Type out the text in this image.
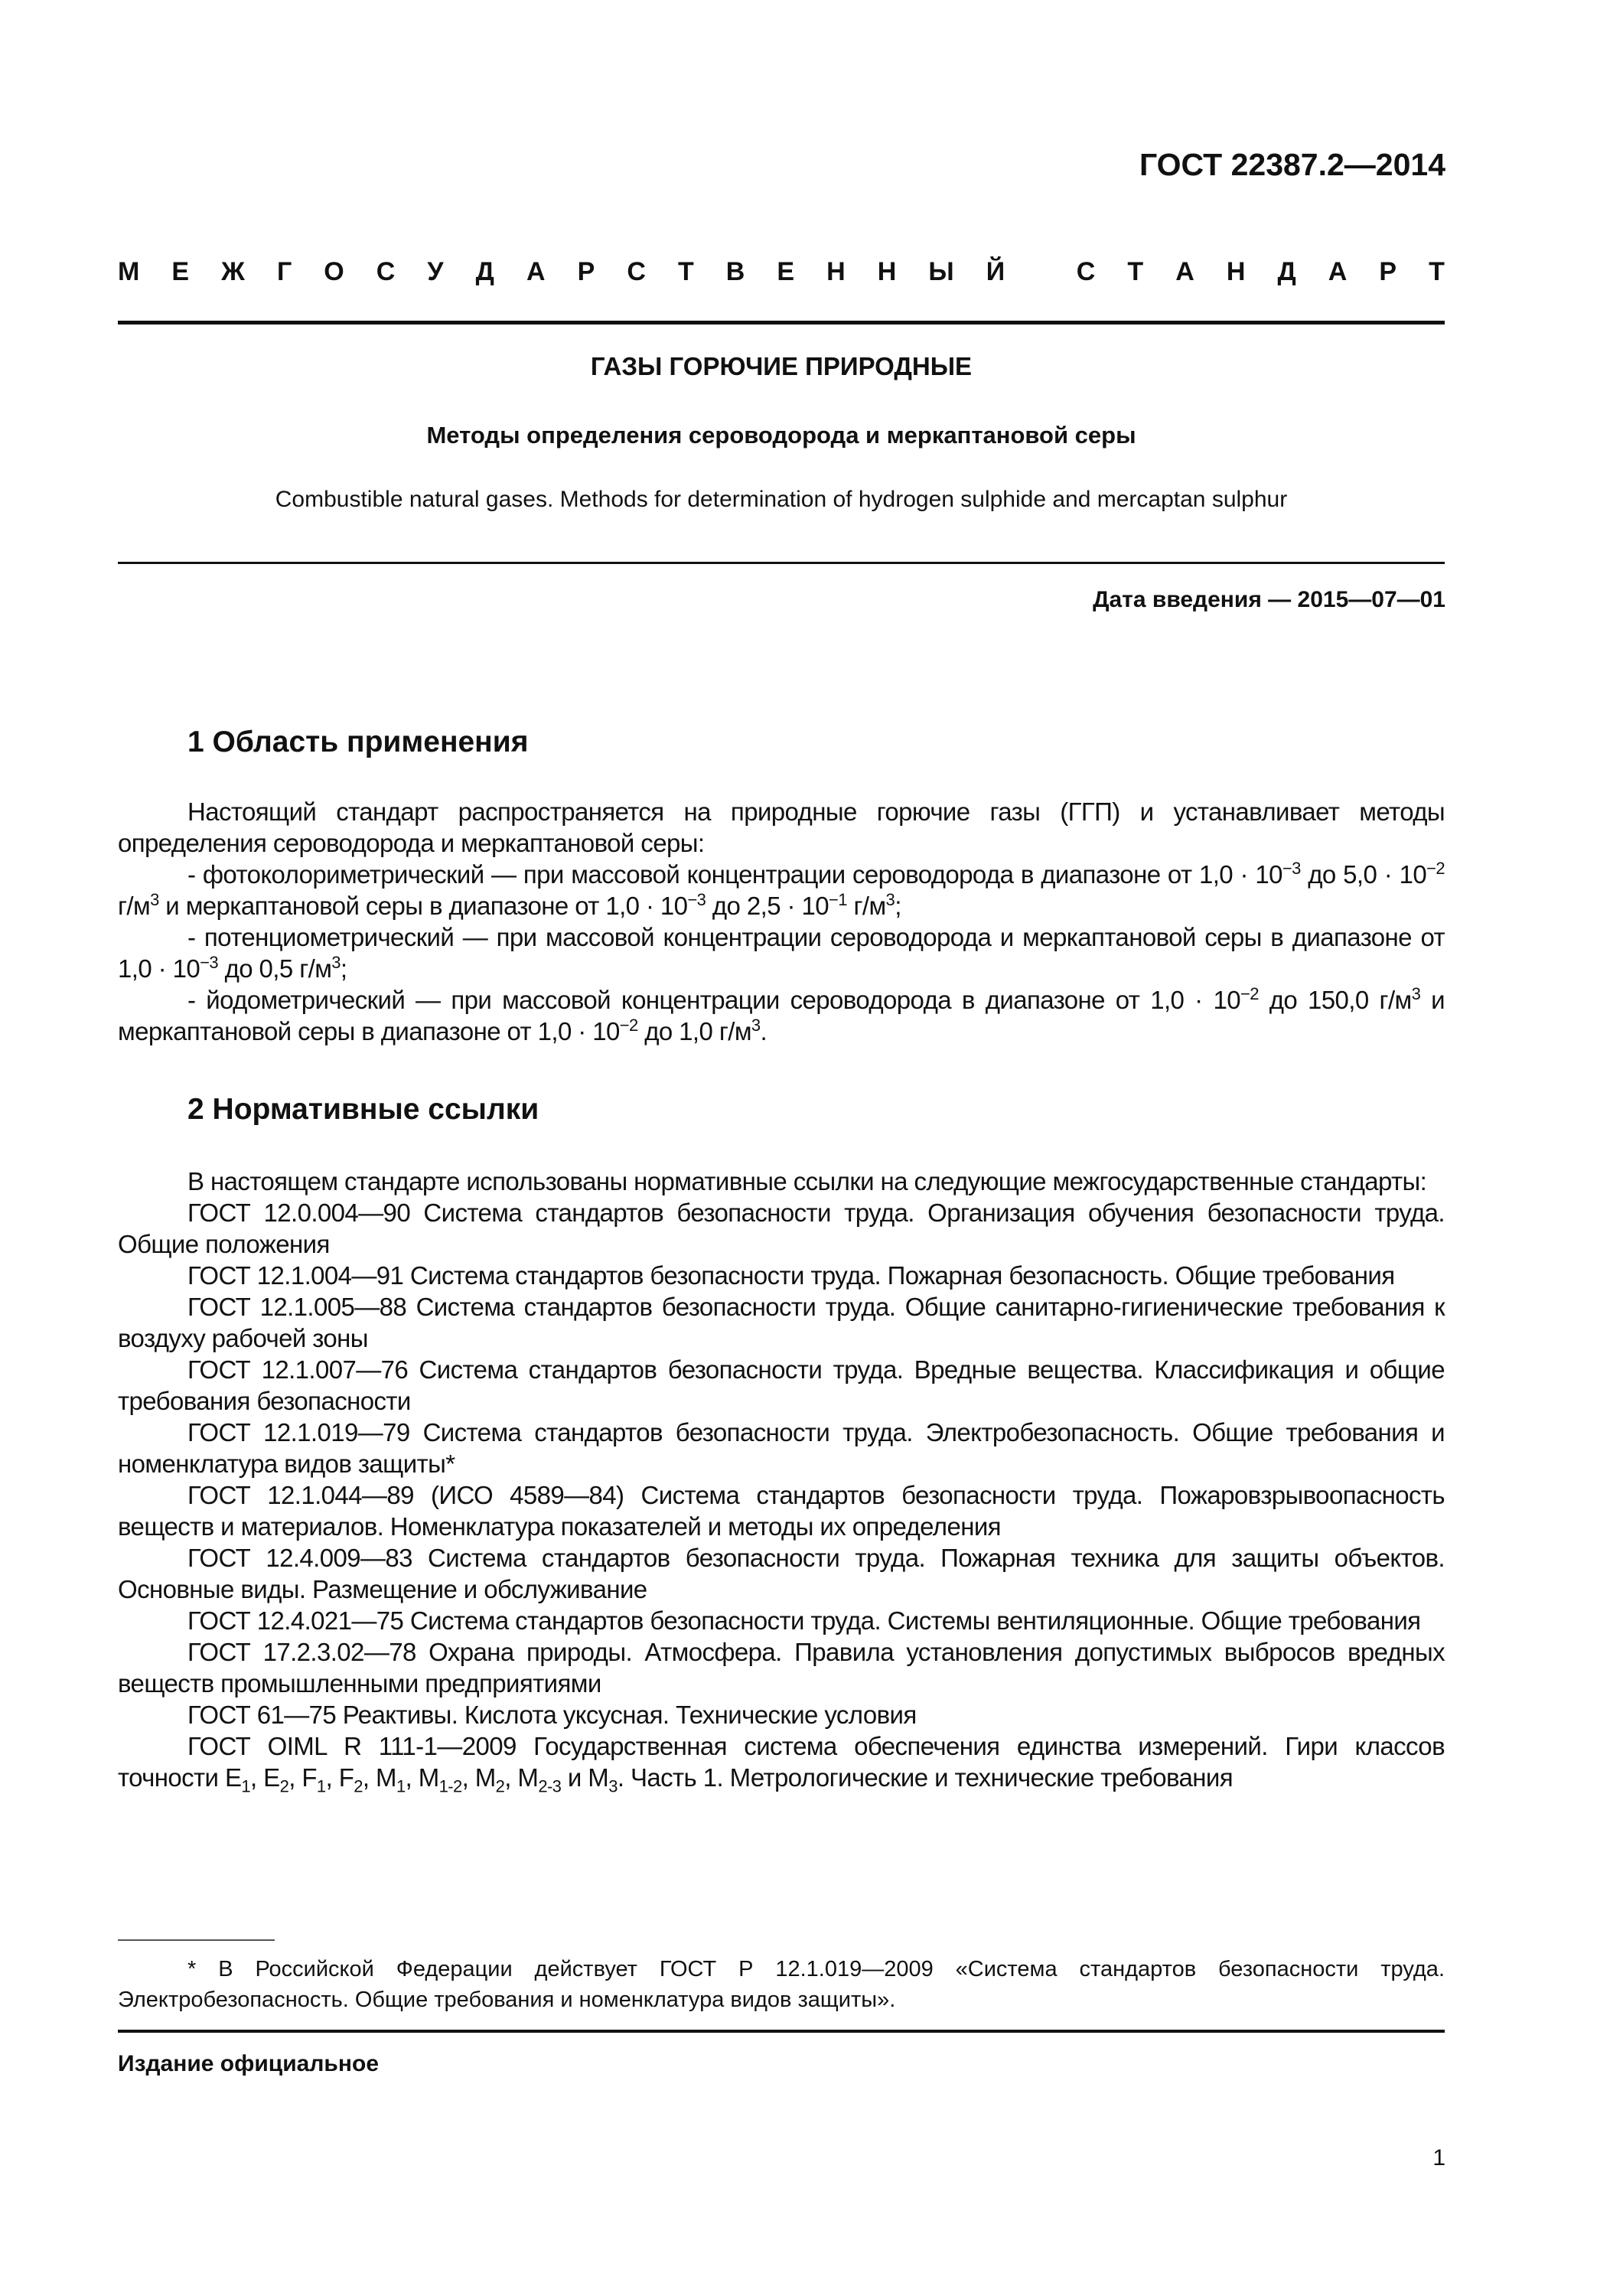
ГОСТ 22387.2—2014
М Е Ж Г О С У Д А Р С Т В Е Н Н Ы Й
	С Т А Н Д А Р Т
ГАЗЫ ГОРЮЧИЕ ПРИРОДНЫЕ
Методы определения сероводорода и меркаптановой серы
Combustible natural gases. Methods for determination of hydrogen sulphide and mercaptan sulphur
Дата введения — 2015—07—01
1 Область применения

Настоящий стандарт распространяется на природные горючие газы (ГГП) и устанавливает методы определения сероводорода и меркаптановой серы:

- фотоколориметрический — при массовой концентрации сероводорода в диапазоне от $1,0 \cdot 10^{-3}$ до $5,0 \cdot 10^{-2}$ $г/м^3$ и меркаптановой серы в диапазоне от $1,0 \cdot 10^{-3}$ до $2,5 \cdot 10^{-1}$ $г/м^3$;

- потенциометрический — при массовой концентрации сероводорода и меркаптановой серы в диапазоне от $1,0 \cdot 10^{-3}$ до 0,5 $г/м^3$;

- йодометрический — при массовой концентрации сероводорода в диапазоне от $1,0 \cdot 10^{-2}$ до 150,0 $г/м^3$ и меркаптановой серы в диапазоне от $1,0 \cdot 10^{-2}$ до 1,0 $г/м^3$.

2 Нормативные ссылки

В настоящем стандарте использованы нормативные ссылки на следующие межгосударственные стандарты:

ГОСТ 12.0.004—90 Система стандартов безопасности труда. Организация обучения безопасности труда. Общие положения

ГОСТ 12.1.004—91 Система стандартов безопасности труда. Пожарная безопасность. Общие требования

ГОСТ 12.1.005—88 Система стандартов безопасности труда. Общие санитарно-гигиенические требования к воздуху рабочей зоны

ГОСТ 12.1.007—76 Система стандартов безопасности труда. Вредные вещества. Классификация и общие требования безопасности

ГОСТ 12.1.019—79 Система стандартов безопасности труда. Электробезопасность. Общие требования и номенклатура видов защиты*

ГОСТ 12.1.044—89 (ИСО 4589—84) Система стандартов безопасности труда. Пожаровзрывоопасность веществ и материалов. Номенклатура показателей и методы их определения

ГОСТ 12.4.009—83 Система стандартов безопасности труда. Пожарная техника для защиты объектов. Основные виды. Размещение и обслуживание

ГОСТ 12.4.021—75 Система стандартов безопасности труда. Системы вентиляционные. Общие требования

ГОСТ 17.2.3.02—78 Охрана природы. Атмосфера. Правила установления допустимых выбросов вредных веществ промышленными предприятиями

ГОСТ 61—75 Реактивы. Кислота уксусная. Технические условия

ГОСТ OIML R 111-1—2009 Государственная система обеспечения единства измерений. Гири классов точности $E_1$, $E_2$, $F_1$, $F_2$, $M_1$, $M_{1-2}$, $M_2$, $M_{2-3}$ и $M_3$. Часть 1. Метрологические и технические требования

* В Российской Федерации действует ГОСТ Р 12.1.019—2009 «Система стандартов безопасности труда. Электробезопасность. Общие требования и номенклатура видов защиты».

Издание официальное
1
